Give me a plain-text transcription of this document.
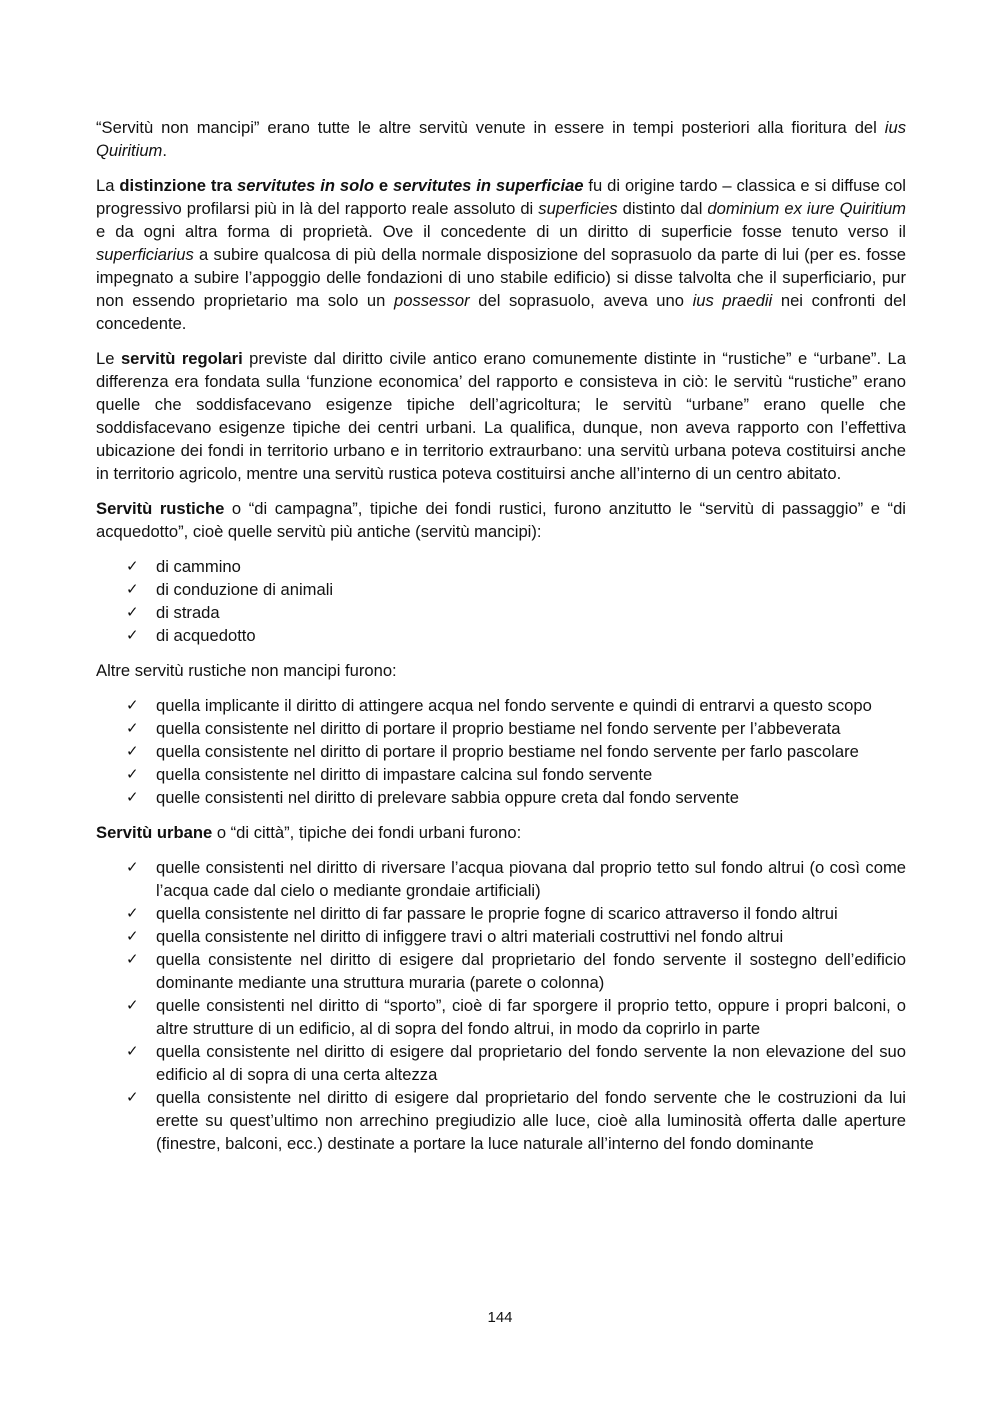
“Servitù non mancipi” erano tutte le altre servitù venute in essere in tempi posteriori alla fioritura del ius Quiritium.

La distinzione tra servitutes in solo e servitutes in superficiae fu di origine tardo – classica e si diffuse col progressivo profilarsi più in là del rapporto reale assoluto di superficies distinto dal dominium ex iure Quiritium e da ogni altra forma di proprietà. Ove il concedente di un diritto di superficie fosse tenuto verso il superficiarius a subire qualcosa di più della normale disposizione del soprasuolo da parte di lui (per es. fosse impegnato a subire l’appoggio delle fondazioni di uno stabile edificio) si disse talvolta che il superficiario, pur non essendo proprietario ma solo un possessor del soprasuolo, aveva uno ius praedii nei confronti del concedente.

Le servitù regolari previste dal diritto civile antico erano comunemente distinte in “rustiche” e “urbane”. La differenza era fondata sulla ‘funzione economica’ del rapporto e consisteva in ciò: le servitù “rustiche” erano quelle che soddisfacevano esigenze tipiche dell’agricoltura; le servitù “urbane” erano quelle che soddisfacevano esigenze tipiche dei centri urbani. La qualifica, dunque, non aveva rapporto con l’effettiva ubicazione dei fondi in territorio urbano e in territorio extraurbano: una servitù urbana poteva costituirsi anche in territorio agricolo, mentre una servitù rustica poteva costituirsi anche all’interno di un centro abitato.

Servitù rustiche o “di campagna”, tipiche dei fondi rustici, furono anzitutto le “servitù di passaggio” e “di acquedotto”, cioè quelle servitù più antiche (servitù mancipi):

✓ di cammino
✓ di conduzione di animali
✓ di strada
✓ di acquedotto

Altre servitù rustiche non mancipi furono:

✓ quella implicante il diritto di attingere acqua nel fondo servente e quindi di entrarvi a questo scopo
✓ quella consistente nel diritto di portare il proprio bestiame nel fondo servente per l’abbeverata
✓ quella consistente nel diritto di portare il proprio bestiame nel fondo servente per farlo pascolare
✓ quella consistente nel diritto di impastare calcina sul fondo servente
✓ quelle consistenti nel diritto di prelevare sabbia oppure creta dal fondo servente

Servitù urbane o “di città”, tipiche dei fondi urbani furono:

✓ quelle consistenti nel diritto di riversare l’acqua piovana dal proprio tetto sul fondo altrui (o così come l’acqua cade dal cielo o mediante grondaie artificiali)
✓ quella consistente nel diritto di far passare le proprie fogne di scarico attraverso il fondo altrui
✓ quella consistente nel diritto di infiggere travi o altri materiali costruttivi nel fondo altrui
✓ quella consistente nel diritto di esigere dal proprietario del fondo servente il sostegno dell’edificio dominante mediante una struttura muraria (parete o colonna)
✓ quelle consistenti nel diritto di “sporto”, cioè di far sporgere il proprio tetto, oppure i propri balconi, o altre strutture di un edificio, al di sopra del fondo altrui, in modo da coprirlo in parte
✓ quella consistente nel diritto di esigere dal proprietario del fondo servente la non elevazione del suo edificio al di sopra di una certa altezza
✓ quella consistente nel diritto di esigere dal proprietario del fondo servente che le costruzioni da lui erette su quest’ultimo non arrechino pregiudizio alle luce, cioè alla luminosità offerta dalle aperture (finestre, balconi, ecc.) destinate a portare la luce naturale all’interno del fondo dominante
144
